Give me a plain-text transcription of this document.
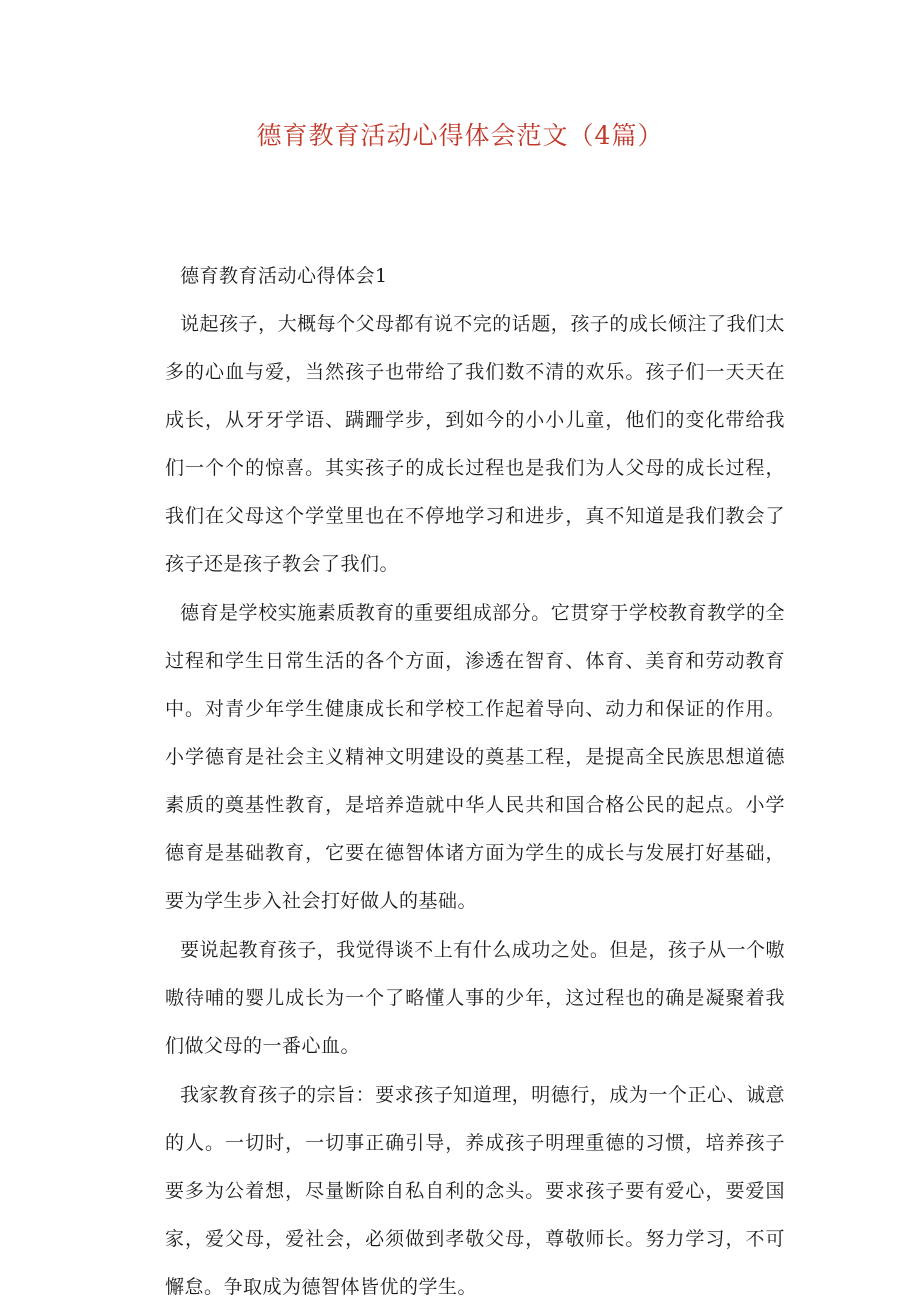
德育教育活动心得体会范文（4篇）

德育教育活动心得体会1

说起孩子，大概每个父母都有说不完的话题，孩子的成长倾注了我们太多的心血与爱，当然孩子也带给了我们数不清的欢乐。孩子们一天天在成长，从牙牙学语、蹒跚学步，到如今的小小儿童，他们的变化带给我们一个个的惊喜。其实孩子的成长过程也是我们为人父母的成长过程，我们在父母这个学堂里也在不停地学习和进步，真不知道是我们教会了孩子还是孩子教会了我们。

德育是学校实施素质教育的重要组成部分。它贯穿于学校教育教学的全过程和学生日常生活的各个方面，渗透在智育、体育、美育和劳动教育中。对青少年学生健康成长和学校工作起着导向、动力和保证的作用。小学德育是社会主义精神文明建设的奠基工程，是提高全民族思想道德素质的奠基性教育，是培养造就中华人民共和国合格公民的起点。小学德育是基础教育，它要在德智体诸方面为学生的成长与发展打好基础，要为学生步入社会打好做人的基础。

要说起教育孩子，我觉得谈不上有什么成功之处。但是，孩子从一个嗷嗷待哺的婴儿成长为一个了略懂人事的少年，这过程也的确是凝聚着我们做父母的一番心血。

我家教育孩子的宗旨：要求孩子知道理，明德行，成为一个正心、诚意的人。一切时，一切事正确引导，养成孩子明理重德的习惯，培养孩子要多为公着想，尽量断除自私自利的念头。要求孩子要有爱心，要爱国家，爱父母，爱社会，必须做到孝敬父母，尊敬师长。努力学习，不可懈怠。争取成为德智体皆优的学生。
